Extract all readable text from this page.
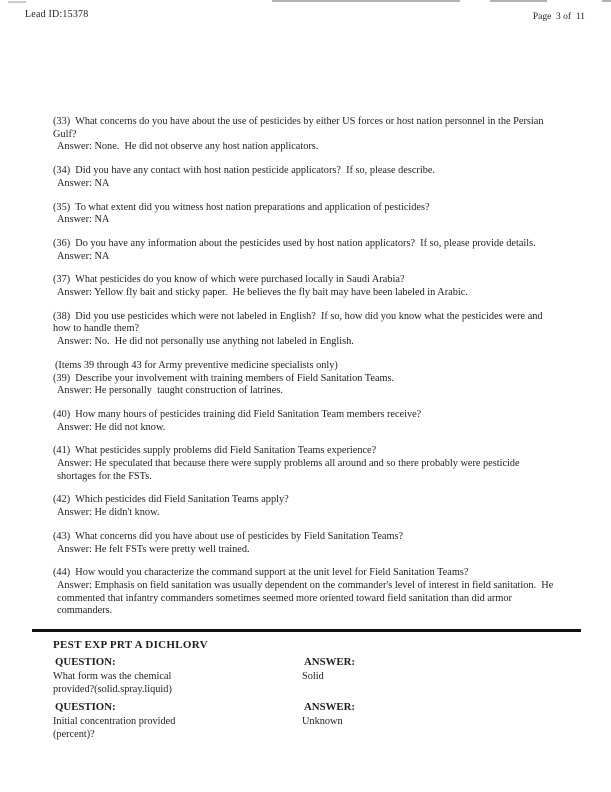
Lead ID:15378	Page  3 of  11
(33)  What concerns do you have about the use of pesticides by either US forces or host nation personnel in the Persian Gulf?
Answer: None.  He did not observe any host nation applicators.
(34)  Did you have any contact with host nation pesticide applicators?  If so, please describe.
Answer: NA
(35)  To what extent did you witness host nation preparations and application of pesticides?
Answer: NA
(36)  Do you have any information about the pesticides used by host nation applicators?  If so, please provide details.
Answer: NA
(37)  What pesticides do you know of which were purchased locally in Saudi Arabia?
Answer: Yellow fly bait and sticky paper.  He believes the fly bait may have been labeled in Arabic.
(38)  Did you use pesticides which were not labeled in English?  If so, how did you know what the pesticides were and how to handle them?
Answer: No.  He did not personally use anything not labeled in English.
(Items 39 through 43 for Army preventive medicine specialists only)
(39)  Describe your involvement with training members of Field Sanitation Teams.
Answer: He personally  taught construction of latrines.
(40)  How many hours of pesticides training did Field Sanitation Team members receive?
Answer: He did not know.
(41)  What pesticides supply problems did Field Sanitation Teams experience?
Answer: He speculated that because there were supply problems all around and so there probably were pesticide shortages for the FSTs.
(42)  Which pesticides did Field Sanitation Teams apply?
Answer: He didn't know.
(43)  What concerns did you have about use of pesticides by Field Sanitation Teams?
Answer: He felt FSTs were pretty well trained.
(44)  How would you characterize the command support at the unit level for Field Sanitation Teams?
Answer: Emphasis on field sanitation was usually dependent on the commander's level of interest in field sanitation.  He commented that infantry commanders sometimes seemed more oriented toward field sanitation than did armor commanders.
PEST EXP PRT A DICHLORV
QUESTION:
What form was the chemical provided?(solid.spray.liquid)
ANSWER:
Solid
QUESTION:
Initial concentration provided (percent)?
ANSWER:
Unknown
